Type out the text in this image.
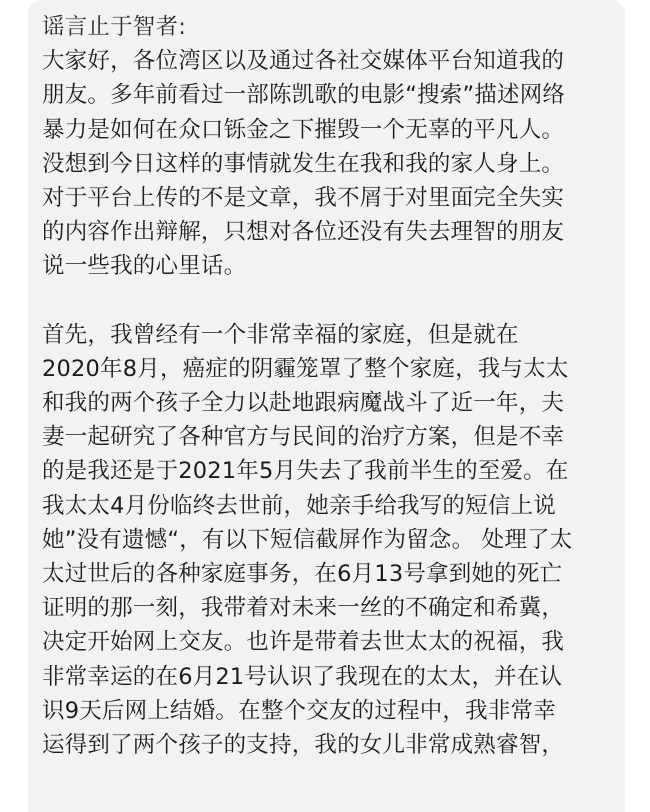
谣言止于智者:
大家好，各位湾区以及通过各社交媒体平台知道我的
朋友。多年前看过一部陈凯歌的电影“搜索”描述网络
暴力是如何在众口铄金之下摧毁一个无辜的平凡人。
没想到今日这样的事情就发生在我和我的家人身上。
对于平台上传的不是文章，我不屑于对里面完全失实
的内容作出辩解，只想对各位还没有失去理智的朋友
说一些我的心里话。
首先，我曾经有一个非常幸福的家庭，但是就在
2020年8月，癌症的阴霾笼罩了整个家庭，我与太太
和我的两个孩子全力以赴地跟病魔战斗了近一年，夫
妻一起研究了各种官方与民间的治疗方案，但是不幸
的是我还是于2021年5月失去了我前半生的至爱。在
我太太4月份临终去世前，她亲手给我写的短信上说
她”没有遗憾“，有以下短信截屏作为留念。 处理了太
太过世后的各种家庭事务，在6月13号拿到她的死亡
证明的那一刻，我带着对未来一丝的不确定和希冀，
决定开始网上交友。也许是带着去世太太的祝福，我
非常幸运的在6月21号认识了我现在的太太，并在认
识9天后网上结婚。在整个交友的过程中，我非常幸
运得到了两个孩子的支持，我的女儿非常成熟睿智，
